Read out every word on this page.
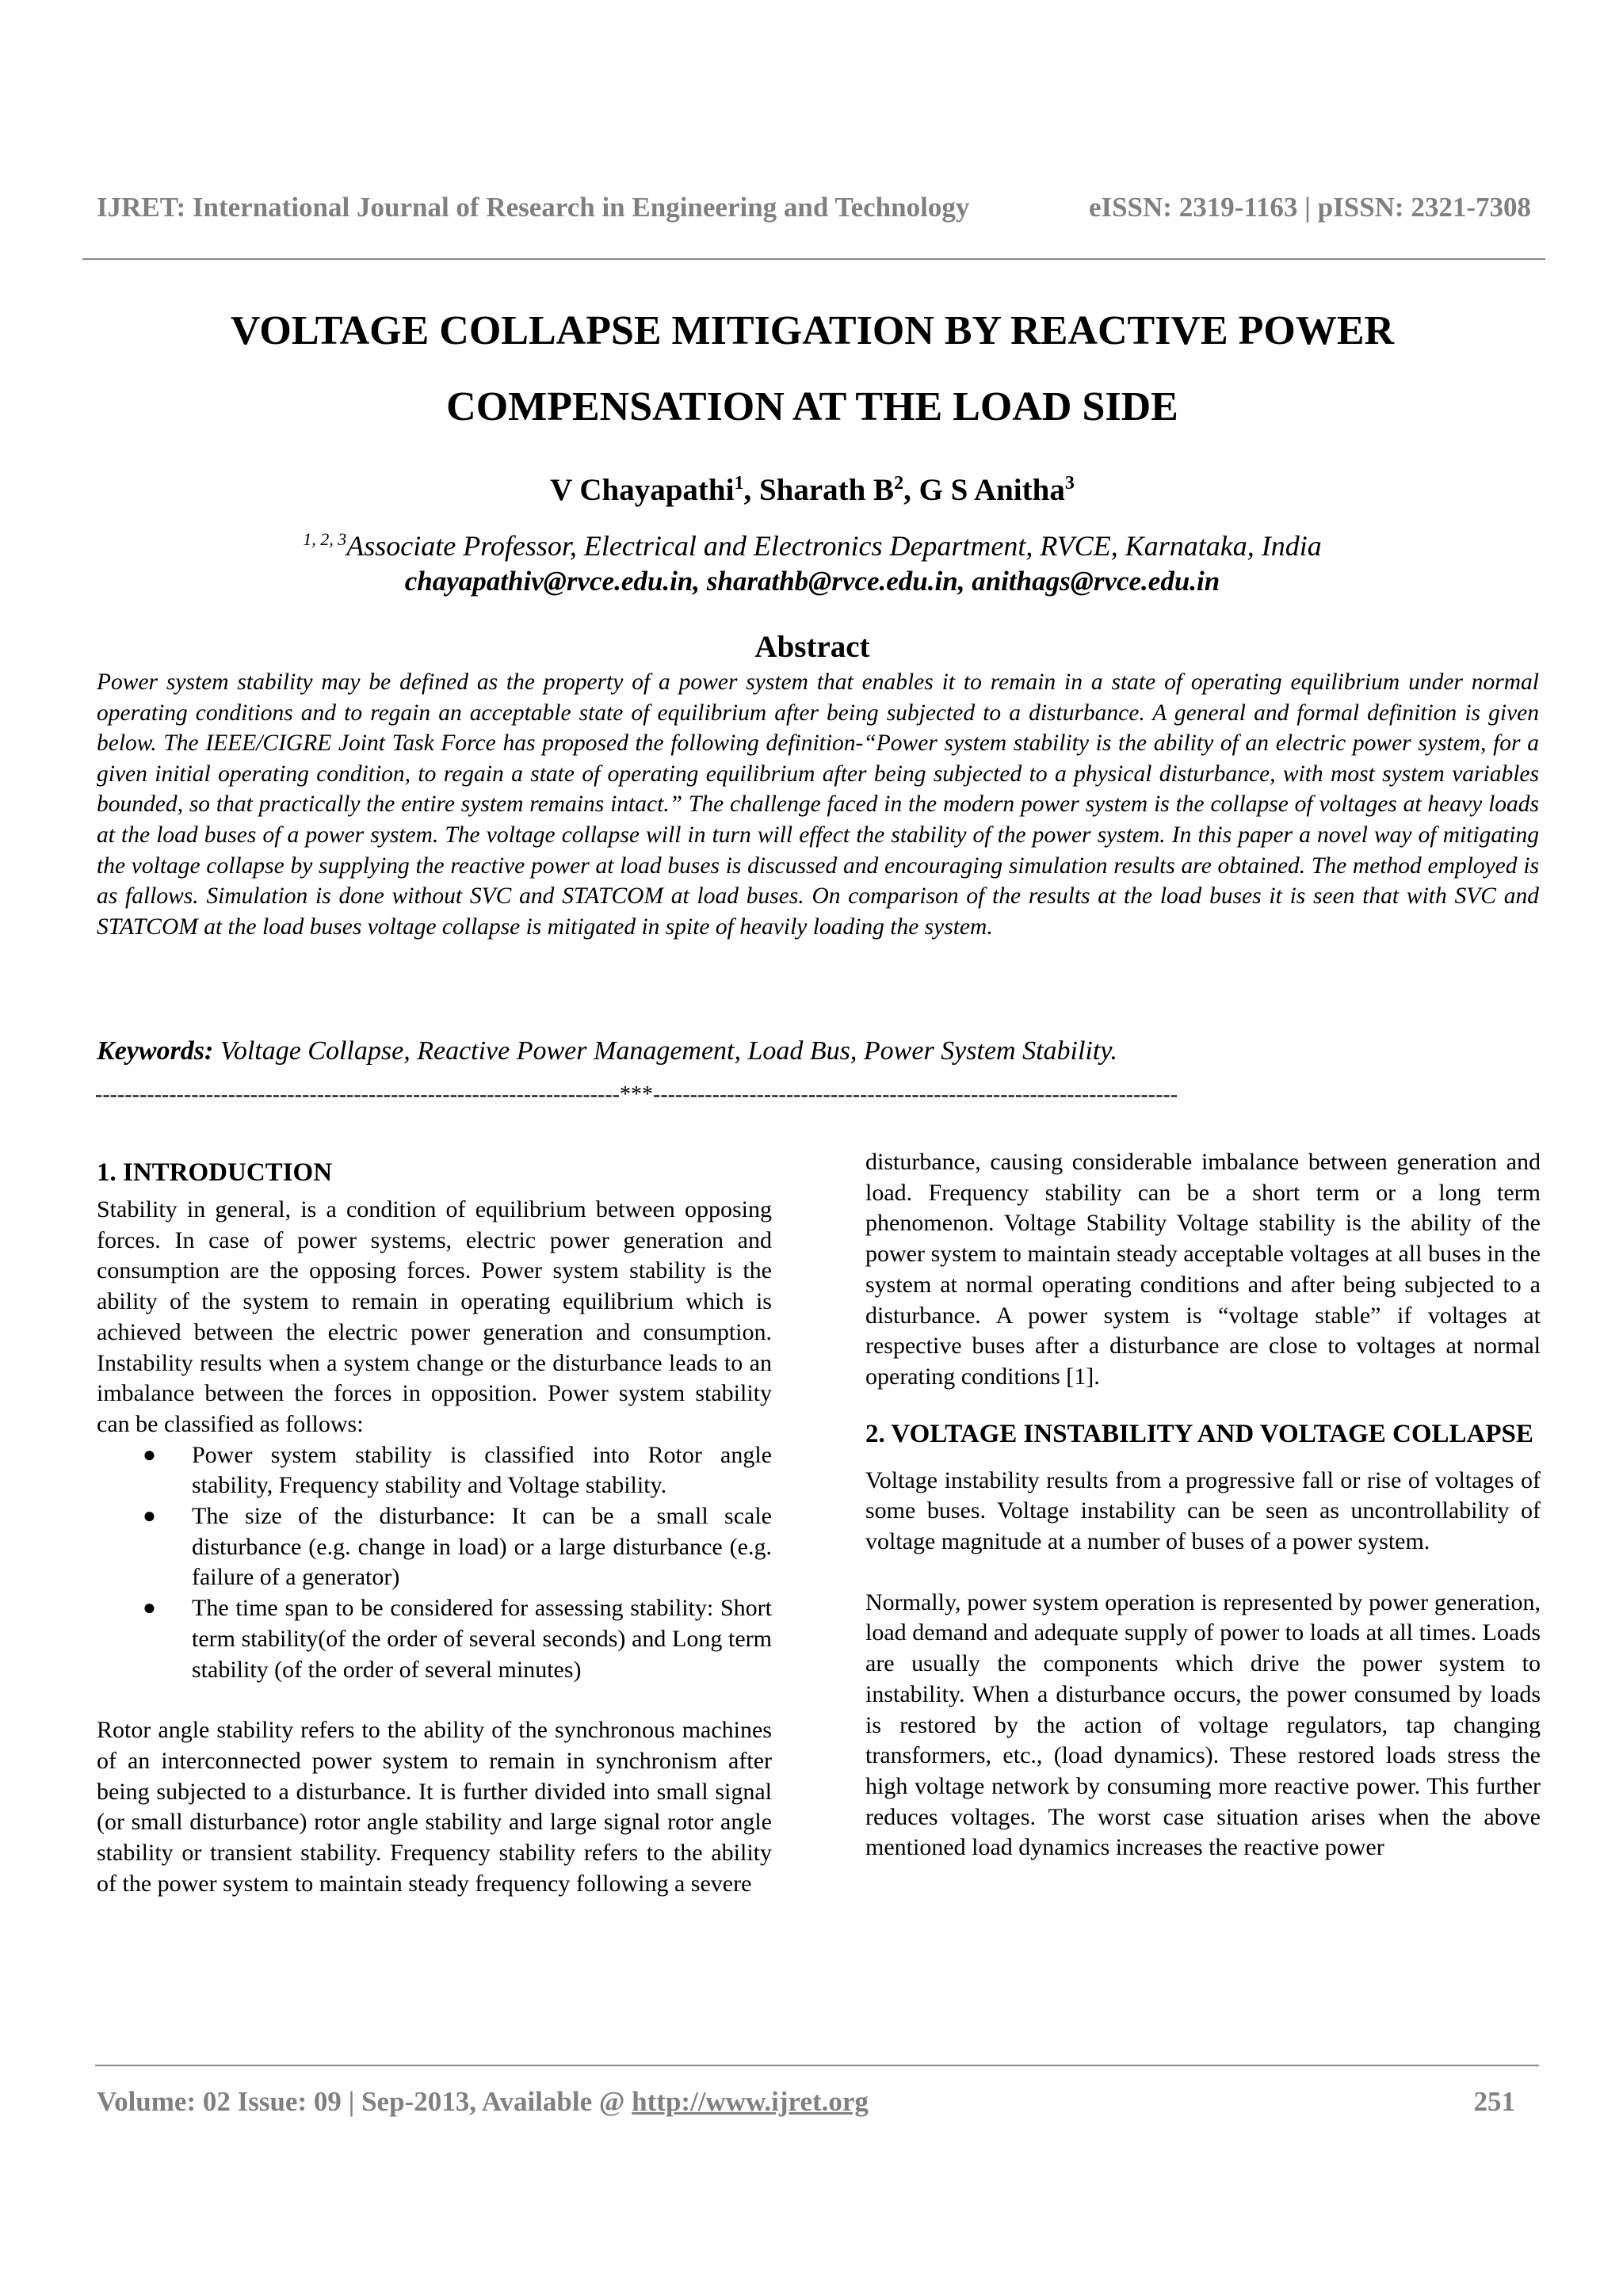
IJRET: International Journal of Research in Engineering and Technology	eISSN: 2319-1163 | pISSN: 2321-7308
VOLTAGE COLLAPSE MITIGATION BY REACTIVE POWER
COMPENSATION AT THE LOAD SIDE
V Chayapathi$^1$, Sharath $B^2$, G S Anitha$^3$
$^{1, 2, 3}$Associate Professor, Electrical and Electronics Department, RVCE, Karnataka, India
chayapathiv@rvce.edu.in, sharathb@rvce.edu.in, anithags@rvce.edu.in
Abstract
Power system stability may be defined as the property of a power system that enables it to remain in a state of operating equilibrium under normal operating conditions and to regain an acceptable state of equilibrium after being subjected to a disturbance. A general and formal definition is given below. The IEEE/CIGRE Joint Task Force has proposed the following definition-“Power system stability is the ability of an electric power system, for a given initial operating condition, to regain a state of operating equilibrium after being subjected to a physical disturbance, with most system variables bounded, so that practically the entire system remains intact.” The challenge faced in the modern power system is the collapse of voltages at heavy loads at the load buses of a power system. The voltage collapse will in turn will effect the stability of the power system. In this paper a novel way of mitigating the voltage collapse by supplying the reactive power at load buses is discussed and encouraging simulation results are obtained. The method employed is as fallows. Simulation is done without SVC and STATCOM at load buses. On comparison of the results at the load buses it is seen that with SVC and STATCOM at the load buses voltage collapse is mitigated in spite of heavily loading the system.
Keywords: Voltage Collapse, Reactive Power Management, Load Bus, Power System Stability.
-----------------------------------------------------------------------***-----------------------------------------------------------------------
1. INTRODUCTION

Stability in general, is a condition of equilibrium between opposing forces. In case of power systems, electric power generation and consumption are the opposing forces. Power system stability is the ability of the system to remain in operating equilibrium which is achieved between the electric power generation and consumption. Instability results when a system change or the disturbance leads to an imbalance between the forces in opposition. Power system stability can be classified as follows:

● Power system stability is classified into Rotor angle stability, Frequency stability and Voltage stability.
● The size of the disturbance: It can be a small scale disturbance (e.g. change in load) or a large disturbance (e.g. failure of a generator)
● The time span to be considered for assessing stability: Short term stability(of the order of several seconds) and Long term stability (of the order of several minutes)

Rotor angle stability refers to the ability of the synchronous machines of an interconnected power system to remain in synchronism after being subjected to a disturbance. It is further divided into small signal (or small disturbance) rotor angle stability and large signal rotor angle stability or transient stability. Frequency stability refers to the ability of the power system to maintain steady frequency following a severe

disturbance, causing considerable imbalance between generation and load. Frequency stability can be a short term or a long term phenomenon. Voltage Stability Voltage stability is the ability of the power system to maintain steady acceptable voltages at all buses in the system at normal operating conditions and after being subjected to a disturbance. A power system is “voltage stable” if voltages at respective buses after a disturbance are close to voltages at normal operating conditions [1].

2. VOLTAGE INSTABILITY AND VOLTAGE COLLAPSE

Voltage instability results from a progressive fall or rise of voltages of some buses. Voltage instability can be seen as uncontrollability of voltage magnitude at a number of buses of a power system.

Normally, power system operation is represented by power generation, load demand and adequate supply of power to loads at all times. Loads are usually the components which drive the power system to instability. When a disturbance occurs, the power consumed by loads is restored by the action of voltage regulators, tap changing transformers, etc., (load dynamics). These restored loads stress the high voltage network by consuming more reactive power. This further reduces voltages. The worst case situation arises when the above mentioned load dynamics increases the reactive power

Volume: 02 Issue: 09 | Sep-2013, Available @ http://www.ijret.org	251
